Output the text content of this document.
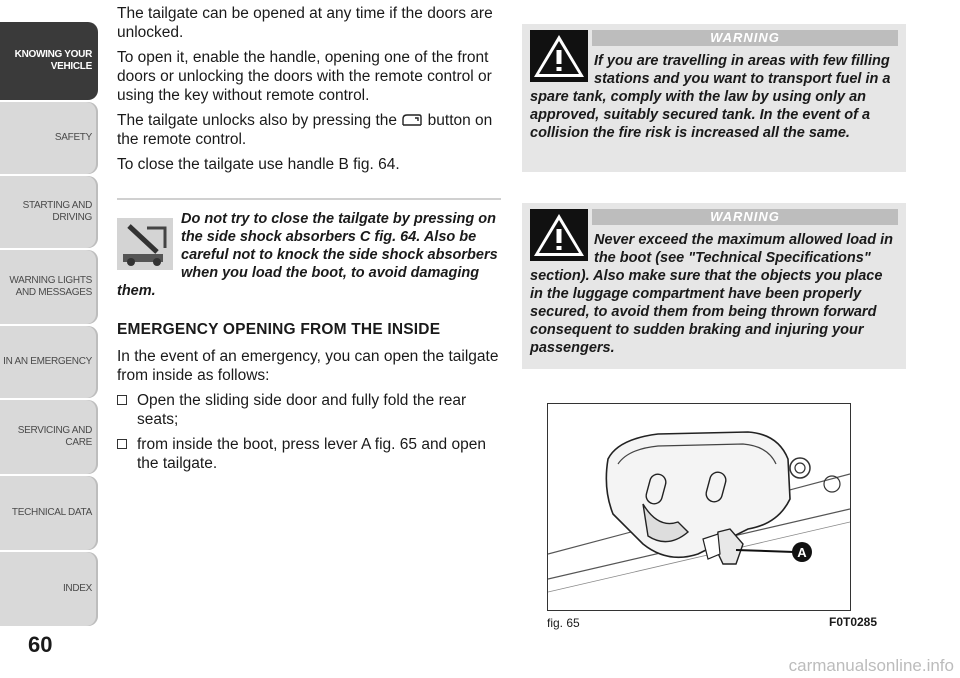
KNOWING YOUR
VEHICLE
SAFETY
STARTING AND
DRIVING
WARNING LIGHTS
AND MESSAGES
IN AN EMERGENCY
SERVICING AND
CARE
TECHNICAL DATA
INDEX
60

The tailgate can be opened at any time if the doors are unlocked.

To open it, enable the handle, opening one of the front doors or unlocking the doors with the remote control or using the key without remote control.

The tailgate unlocks also by pressing the button on the remote control.

To close the tailgate use handle B fig. 64.

Do not try to close the tailgate by pressing on the side shock absorbers C fig. 64. Also be careful not to knock the side shock absorbers when you load the boot, to avoid damaging them.
EMERGENCY OPENING FROM THE INSIDE

In the event of an emergency, you can open the tailgate from inside as follows:

Open the sliding side door and fully fold the rear seats;
from inside the boot, press lever A fig. 65 and open the tailgate.
WARNING
If you are travelling in areas with few filling stations and you want to transport fuel in a spare tank, comply with the law by using only an approved, suitably secured tank. In the event of a collision the fire risk is increased all the same.
WARNING
Never exceed the maximum allowed load in the boot (see "Technical Specifications" section). Also make sure that the objects you place in the luggage compartment have been properly secured, to avoid them from being thrown forward consequent to sudden braking and injuring your passengers.
A
fig. 65	F0T0285
carmanualsonline.info
